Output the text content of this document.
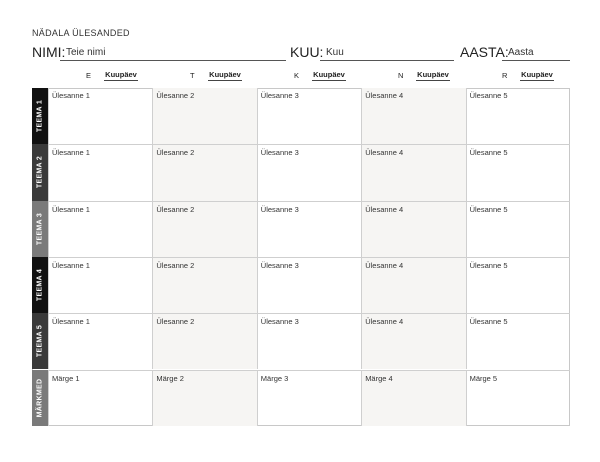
NÄDALA ÜLESANDED
NIMI: Teie nimi	KUU: Kuu	AASTA: Aasta
E Kuupäev	T Kuupäev	K Kuupäev	N Kuupäev	R Kuupäev
TEEMA 1
Ülesanne 1	Ülesanne 2	Ülesanne 3	Ülesanne 4	Ülesanne 5
TEEMA 2
Ülesanne 1	Ülesanne 2	Ülesanne 3	Ülesanne 4	Ülesanne 5
TEEMA 3
Ülesanne 1	Ülesanne 2	Ülesanne 3	Ülesanne 4	Ülesanne 5
TEEMA 4
Ülesanne 1	Ülesanne 2	Ülesanne 3	Ülesanne 4	Ülesanne 5
TEEMA 5
Ülesanne 1	Ülesanne 2	Ülesanne 3	Ülesanne 4	Ülesanne 5
MÄRKMED
Märge 1	Märge 2	Märge 3	Märge 4	Märge 5
